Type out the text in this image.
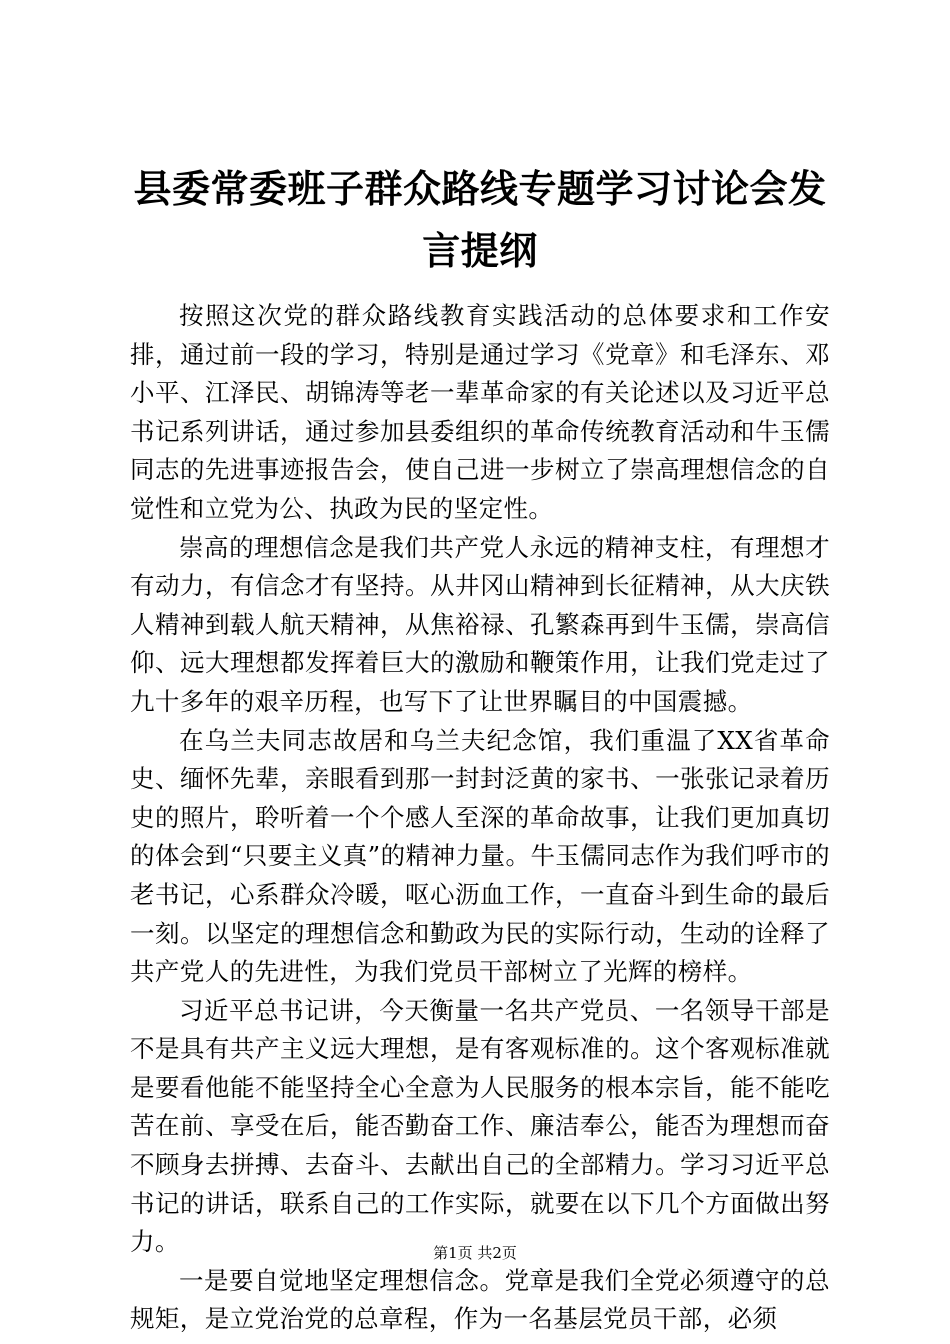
县委常委班子群众路线专题学习讨论会发言提纲

按照这次党的群众路线教育实践活动的总体要求和工作安排，通过前一段的学习，特别是通过学习《党章》和毛泽东、邓小平、江泽民、胡锦涛等老一辈革命家的有关论述以及习近平总书记系列讲话，通过参加县委组织的革命传统教育活动和牛玉儒同志的先进事迹报告会，使自己进一步树立了崇高理想信念的自觉性和立党为公、执政为民的坚定性。

崇高的理想信念是我们共产党人永远的精神支柱，有理想才有动力，有信念才有坚持。从井冈山精神到长征精神，从大庆铁人精神到载人航天精神，从焦裕禄、孔繁森再到牛玉儒，崇高信仰、远大理想都发挥着巨大的激励和鞭策作用，让我们党走过了九十多年的艰辛历程，也写下了让世界瞩目的中国震撼。

在乌兰夫同志故居和乌兰夫纪念馆，我们重温了XX省革命史、缅怀先辈，亲眼看到那一封封泛黄的家书、一张张记录着历史的照片，聆听着一个个感人至深的革命故事，让我们更加真切的体会到“只要主义真”的精神力量。牛玉儒同志作为我们呼市的老书记，心系群众冷暖，呕心沥血工作，一直奋斗到生命的最后一刻。以坚定的理想信念和勤政为民的实际行动，生动的诠释了共产党人的先进性，为我们党员干部树立了光辉的榜样。

习近平总书记讲，今天衡量一名共产党员、一名领导干部是不是具有共产主义远大理想，是有客观标准的。这个客观标准就是要看他能不能坚持全心全意为人民服务的根本宗旨，能不能吃苦在前、享受在后，能否勤奋工作、廉洁奉公，能否为理想而奋不顾身去拼搏、去奋斗、去献出自己的全部精力。学习习近平总书记的讲话，联系自己的工作实际，就要在以下几个方面做出努力。

一是要自觉地坚定理想信念。党章是我们全党必须遵守的总规矩，是立党治党的总章程，作为一名基层党员干部，必须

第1页 共2页
